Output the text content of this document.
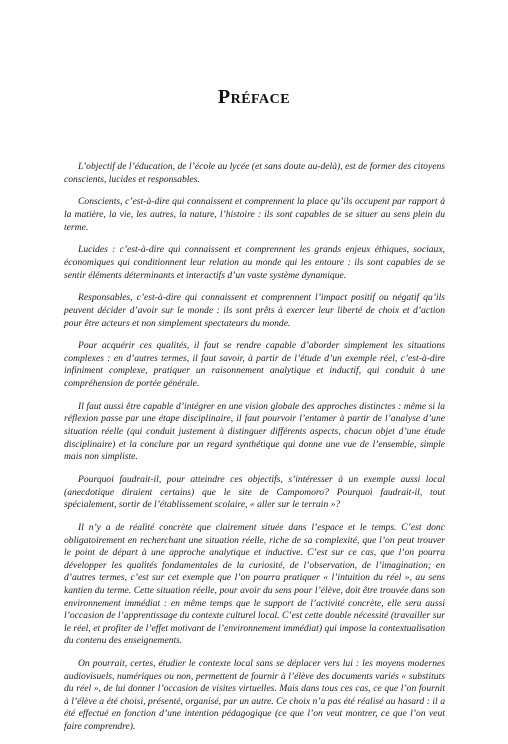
Préface

L’objectif de l’éducation, de l’école au lycée (et sans doute au-delà), est de former des citoyens conscients, lucides et responsables.

Conscients, c’est-à-dire qui connaissent et comprennent la place qu’ils occupent par rapport à la matière, la vie, les autres, la nature, l’histoire : ils sont capables de se situer au sens plein du terme.

Lucides : c’est-à-dire qui connaissent et comprennent les grands enjeux éthiques, sociaux, économiques qui conditionnent leur relation au monde qui les entoure : ils sont capables de se sentir éléments déterminants et interactifs d’un vaste système dynamique.

Responsables, c’est-à-dire qui connaissent et comprennent l’impact positif ou négatif qu’ils peuvent décider d’avoir sur le monde : ils sont prêts à exercer leur liberté de choix et d’action pour être acteurs et non simplement spectateurs du monde.

Pour acquérir ces qualités, il faut se rendre capable d’aborder simplement les situations complexes : en d’autres termes, il faut savoir, à partir de l’étude d’un exemple réel, c’est-à-dire infiniment complexe, pratiquer un raisonnement analytique et inductif, qui conduit à une compréhension de portée générale.

Il faut aussi être capable d’intégrer en une vision globale des approches distinctes : même si la réflexion passe par une étape disciplinaire, il faut pourvoir l’entamer à partir de l’analyse d’une situation réelle (qui conduit justement à distinguer différents aspects, chacun objet d’une étude disciplinaire) et la conclure par un regard synthétique qui donne une vue de l’ensemble, simple mais non simpliste.

Pourquoi faudrait-il, pour atteindre ces objectifs, s’intéresser à un exemple aussi local (anecdotique diraient certains) que le site de Campomoro? Pourquoi faudrait-il, tout spécialement, sortir de l’établissement scolaire, « aller sur le terrain »?

Il n’y a de réalité concrète que clairement située dans l’espace et le temps. C’est donc obligatoirement en recherchant une situation réelle, riche de sa complexité, que l’on peut trouver le point de départ à une approche analytique et inductive. C’est sur ce cas, que l’on pourra développer les qualités fondamentales de la curiosité, de l’observation, de l’imagination; en d’autres termes, c’est sur cet exemple que l’on pourra pratiquer « l’intuition du réel », au sens kantien du terme. Cette situation réelle, pour avoir du sens pour l’élève, doit être trouvée dans son environnement immédiat : en même temps que le support de l’activité concrète, elle sera aussi l’occasion de l’apprentissage du contexte culturel local. C’est cette double nécessité (travailler sur le réel, et profiter de l’effet motivant de l’environnement immédiat) qui impose la contextualisation du contenu des enseignements.

On pourrait, certes, étudier le contexte local sans se déplacer vers lui : les moyens modernes audiovisuels, numériques ou non, permettent de fournir à l’élève des documents variés « substituts du réel », de lui donner l’occasion de visites virtuelles. Mais dans tous ces cas, ce que l’on fournit à l’élève a été choisi, présenté, organisé, par un autre. Ce choix n’a pas été réalisé au hasard : il a été effectué en fonction d’une intention pédagogique (ce que l’on veut montrer, ce que l’on veut faire comprendre).
